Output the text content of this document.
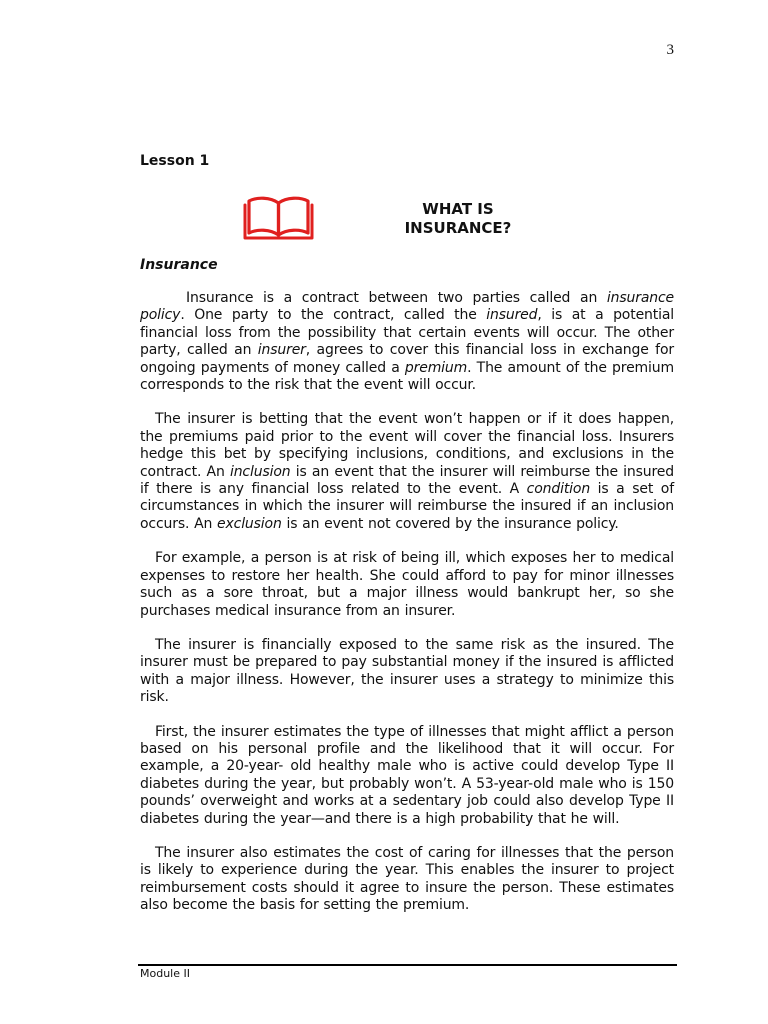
3
Lesson 1
WHAT IS
INSURANCE?
Insurance

Insurance is a contract between two parties called an insurance policy. One party to the contract, called the insured, is at a potential financial loss from the possibility that certain events will occur. The other party, called an insurer, agrees to cover this financial loss in exchange for ongoing payments of money called a premium. The amount of the premium corresponds to the risk that the event will occur.

The insurer is betting that the event won’t happen or if it does happen, the premiums paid prior to the event will cover the financial loss. Insurers hedge this bet by specifying inclusions, conditions, and exclusions in the contract. An inclusion is an event that the insurer will reimburse the insured if there is any financial loss related to the event. A condition is a set of circumstances in which the insurer will reimburse the insured if an inclusion occurs. An exclusion is an event not covered by the insurance policy.

For example, a person is at risk of being ill, which exposes her to medical expenses to restore her health. She could afford to pay for minor illnesses such as a sore throat, but a major illness would bankrupt her, so she purchases medical insurance from an insurer.

The insurer is financially exposed to the same risk as the insured. The insurer must be prepared to pay substantial money if the insured is afflicted with a major illness. However, the insurer uses a strategy to minimize this risk.

First, the insurer estimates the type of illnesses that might afflict a person based on his personal profile and the likelihood that it will occur. For example, a 20-year- old healthy male who is active could develop Type II diabetes during the year, but probably won’t. A 53-year-old male who is 150 pounds’ overweight and works at a sedentary job could also develop Type II diabetes during the year—and there is a high probability that he will.

The insurer also estimates the cost of caring for illnesses that the person is likely to experience during the year. This enables the insurer to project reimbursement costs should it agree to insure the person. These estimates also become the basis for setting the premium.

Module II
